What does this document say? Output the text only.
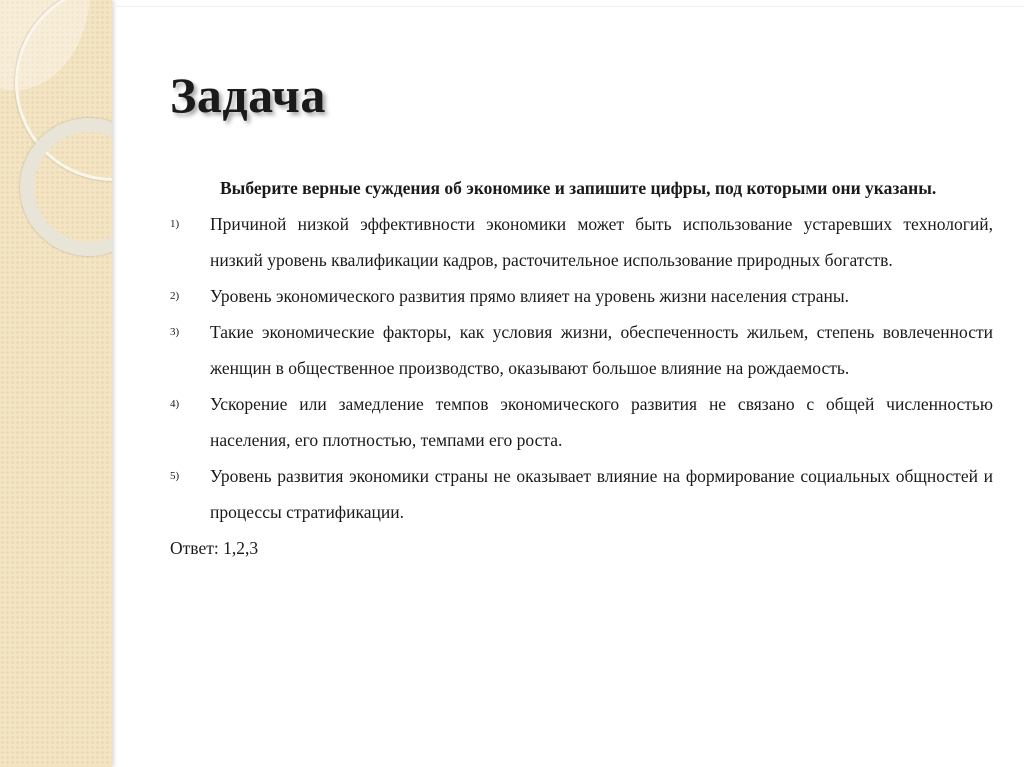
Задача

Выберите верные суждения об экономике и запишите цифры, под которыми они указаны.

1) Причиной низкой эффективности экономики может быть использование устаревших технологий, низкий уровень квалификации кадров, расточительное использование природных богатств.

2) Уровень экономического развития прямо влияет на уровень жизни населения страны.

3) Такие экономические факторы, как условия жизни, обеспеченность жильем, степень вовлеченности женщин в общественное производство, оказывают большое влияние на рождаемость.

4) Ускорение или замедление темпов экономического развития не связано с общей численностью населения, его плотностью, темпами его роста.

5) Уровень развития экономики страны не оказывает влияние на формирование социальных общностей и процессы стратификации.

Ответ: 1,2,3
